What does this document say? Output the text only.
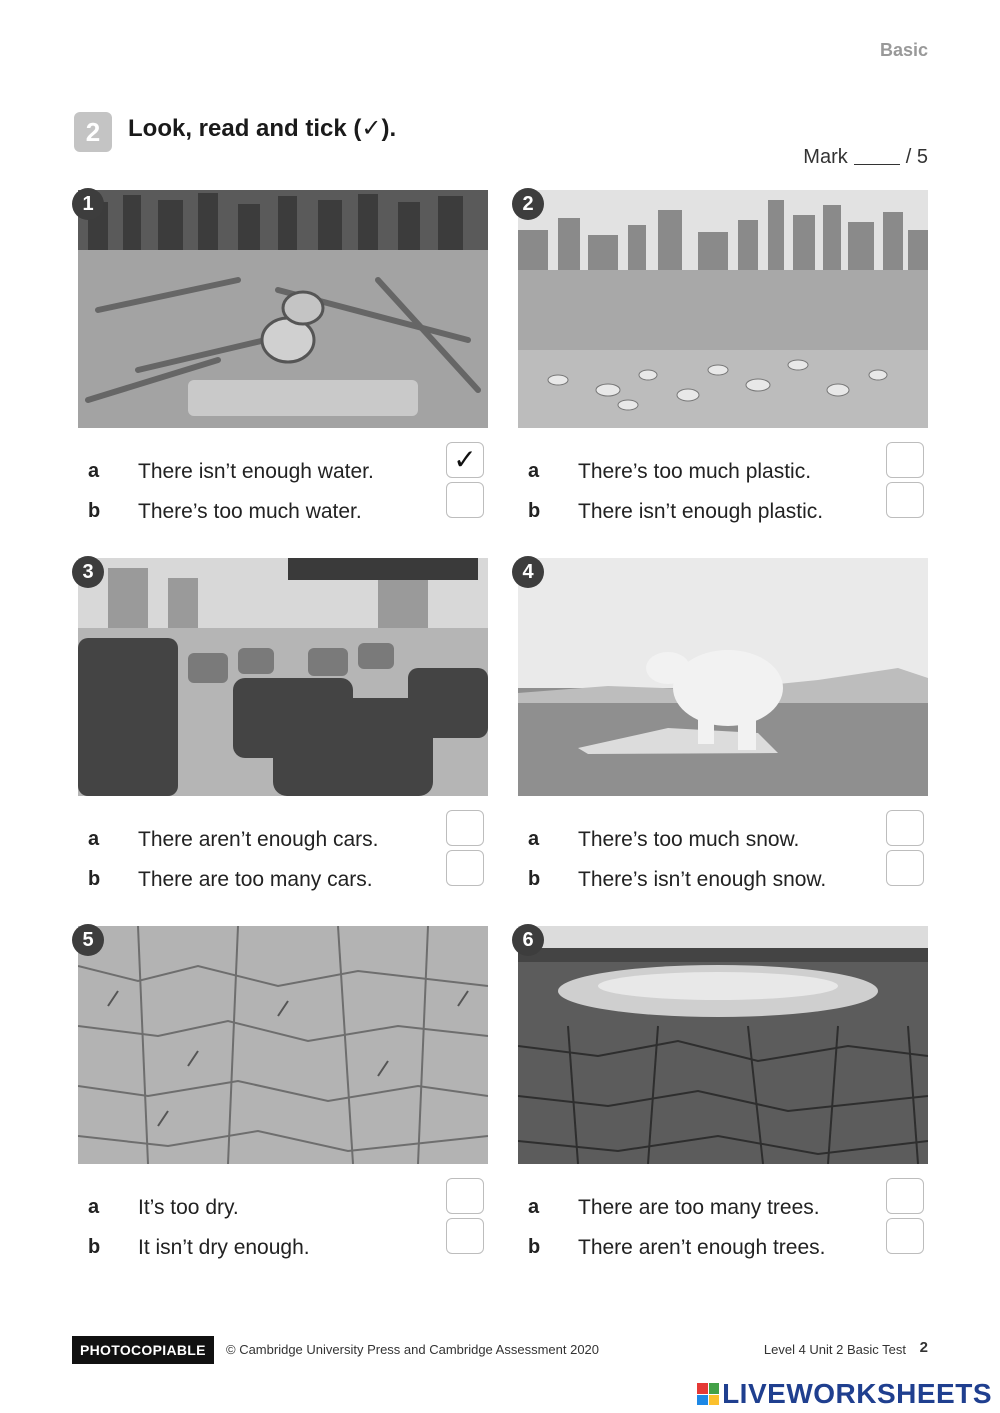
Basic
2	Look, read and tick (✓).
Mark	/ 5
1
a There isn’t enough water.	✓
b There’s too much water.
2
a There’s too much plastic.
b There isn’t enough plastic.
3
a There aren’t enough cars.
b There are too many cars.
4
a There’s too much snow.
b There’s isn’t enough snow.
5
a It’s too dry.
b It isn’t dry enough.
6
a There are too many trees.
b There aren’t enough trees.
PHOTOCOPIABLE	© Cambridge University Press and Cambridge Assessment 2020	Level 4 Unit 2 Basic Test 2
LIVEWORKSHEETS
